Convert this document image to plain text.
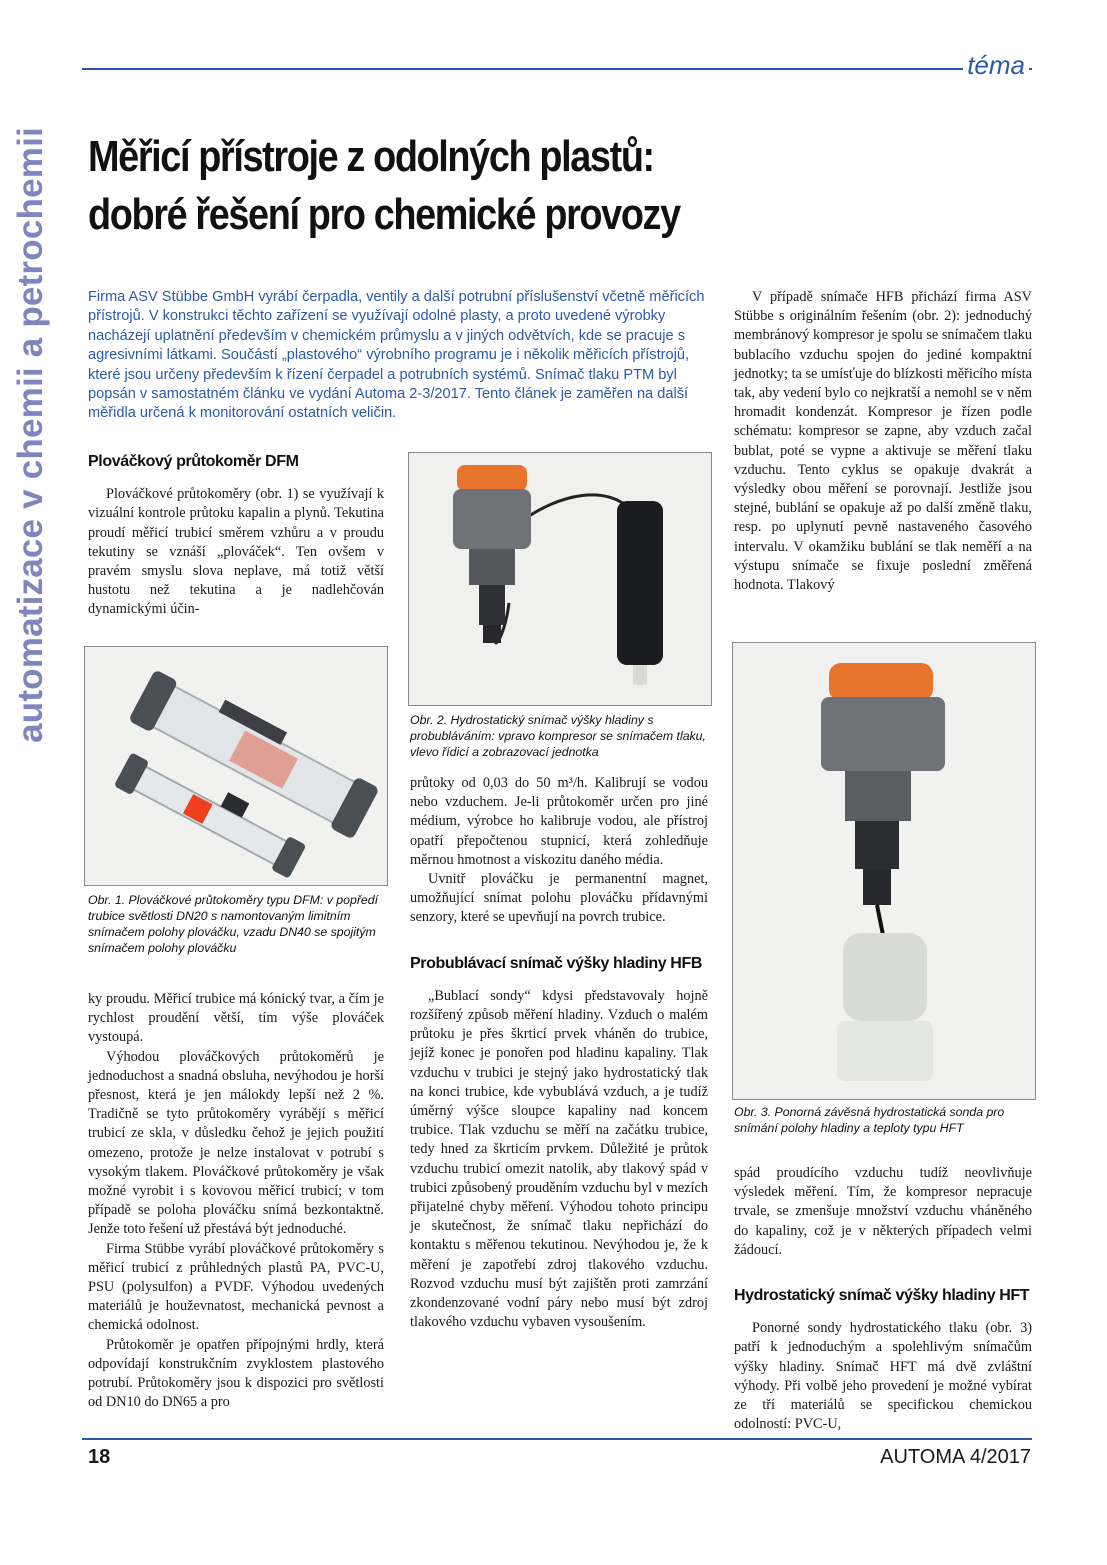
téma
automatizace v chemii a petrochemii Měřicí přístroje z odolných plastů:
dobré řešení pro chemické provozy
Firma ASV Stübbe GmbH vyrábí čerpadla, ventily a další potrubní příslušenství včetně měřicích přístrojů. V konstrukci těchto zařízení se využívají odolné plasty, a proto uvedené výrobky nacházejí uplatnění především v chemickém průmyslu a v jiných odvětvích, kde se pracuje s agresivními látkami. Součástí „plastového“ výrobního programu je i několik měřicích přístrojů, které jsou určeny především k řízení čerpadel a potrubních systémů. Snímač tlaku PTM byl popsán v samostatném článku ve vydání Automa 2-3/2017. Tento článek je zaměřen na další měřidla určená k monitorování ostatních veličin.
Plováčkový průtokoměr DFM

Plováčkové průtokoměry (obr. 1) se využívají k vizuální kontrole průtoku kapalin a plynů. Tekutina proudí měřicí trubicí směrem vzhůru a v proudu tekutiny se vznáší „plováček“. Ten ovšem v pravém smyslu slova neplave, má totiž větší hustotu než tekutina a je nadlehčován dynamickými účin-

Obr. 1. Plováčkové průtokoměry typu DFM: v popředí trubice světlosti DN20 s namontovaným limitním snímačem polohy plováčku, vzadu DN40 se spojitým snímačem polohy plováčku

ky proudu. Měřicí trubice má kónický tvar, a čím je rychlost proudění větší, tím výše plováček vystoupá.

Výhodou plováčkových průtokoměrů je jednoduchost a snadná obsluha, nevýhodou je horší přesnost, která je jen málokdy lepší než 2 %. Tradičně se tyto průtokoměry vyrábějí s měřicí trubicí ze skla, v důsledku čehož je jejich použití omezeno, protože je nelze instalovat v potrubí s vysokým tlakem. Plováčkové průtokoměry je však možné vyrobit i s kovovou měřicí trubicí; v tom případě se poloha plováčku snímá bezkontaktně. Jenže toto řešení už přestává být jednoduché.

Firma Stübbe vyrábí plováčkové průtokoměry s měřicí trubicí z průhledných plastů PA, PVC-U, PSU (polysulfon) a PVDF. Výhodou uvedených materiálů je houževnatost, mechanická pevnost a chemická odolnost.

Průtokoměr je opatřen přípojnými hrdly, která odpovídají konstrukčním zvyklostem plastového potrubí. Průtokoměry jsou k dispozici pro světlosti od DN10 do DN65 a pro

Obr. 2. Hydrostatický snímač výšky hladiny s probubláváním: vpravo kompresor se snímačem tlaku, vlevo řídicí a zobrazovací jednotka

průtoky od 0,03 do 50 m³/h. Kalibrují se vodou nebo vzduchem. Je-li průtokoměr určen pro jiné médium, výrobce ho kalibruje vodou, ale přístroj opatří přepočtenou stupnicí, která zohledňuje měrnou hmotnost a viskozitu daného média.

Uvnitř plováčku je permanentní magnet, umožňující snímat polohu plováčku přídavnými senzory, které se upevňují na povrch trubice.

Probublávací snímač výšky hladiny HFB

„Bublací sondy“ kdysi představovaly hojně rozšířený způsob měření hladiny. Vzduch o malém průtoku je přes škrticí prvek vháněn do trubice, jejíž konec je ponořen pod hladinu kapaliny. Tlak vzduchu v trubici je stejný jako hydrostatický tlak na konci trubice, kde vybublává vzduch, a je tudíž úměrný výšce sloupce kapaliny nad koncem trubice. Tlak vzduchu se měří na začátku trubice, tedy hned za škrticím prvkem. Důležité je průtok vzduchu trubicí omezit natolik, aby tlakový spád v trubici způsobený prouděním vzduchu byl v mezích přijatelné chyby měření. Výhodou tohoto principu je skutečnost, že snímač tlaku nepřichází do kontaktu s měřenou tekutinou. Nevýhodou je, že k měření je zapotřebí zdroj tlakového vzduchu. Rozvod vzduchu musí být zajištěn proti zamrzání zkondenzované vodní páry nebo musí být zdroj tlakového vzduchu vybaven vysoušením.

V případě snímače HFB přichází firma ASV Stübbe s originálním řešením (obr. 2): jednoduchý membránový kompresor je spolu se snímačem tlaku bublacího vzduchu spojen do jediné kompaktní jednotky; ta se umísťuje do blízkosti měřicího místa tak, aby vedení bylo co nejkratší a nemohl se v něm hromadit kondenzát. Kompresor je řízen podle schématu: kompresor se zapne, aby vzduch začal bublat, poté se vypne a aktivuje se měření tlaku vzduchu. Tento cyklus se opakuje dvakrát a výsledky obou měření se porovnají. Jestliže jsou stejné, bublání se opakuje až po další změně tlaku, resp. po uplynutí pevně nastaveného časového intervalu. V okamžiku bublání se tlak neměří a na výstupu snímače se fixuje poslední změřená hodnota. Tlakový

Obr. 3. Ponorná závěsná hydrostatická sonda pro snímání polohy hladiny a teploty typu HFT

spád proudícího vzduchu tudíž neovlivňuje výsledek měření. Tím, že kompresor nepracuje trvale, se zmenšuje množství vzduchu vháněného do kapaliny, což je v některých případech velmi žádoucí.

Hydrostatický snímač výšky hladiny HFT

Ponorné sondy hydrostatického tlaku (obr. 3) patří k jednoduchým a spolehlivým snímačům výšky hladiny. Snímač HFT má dvě zvláštní výhody. Při volbě jeho provedení je možné vybírat ze tří materiálů se specifickou chemickou odolností: PVC-U,

18	AUTOMA 4/2017
